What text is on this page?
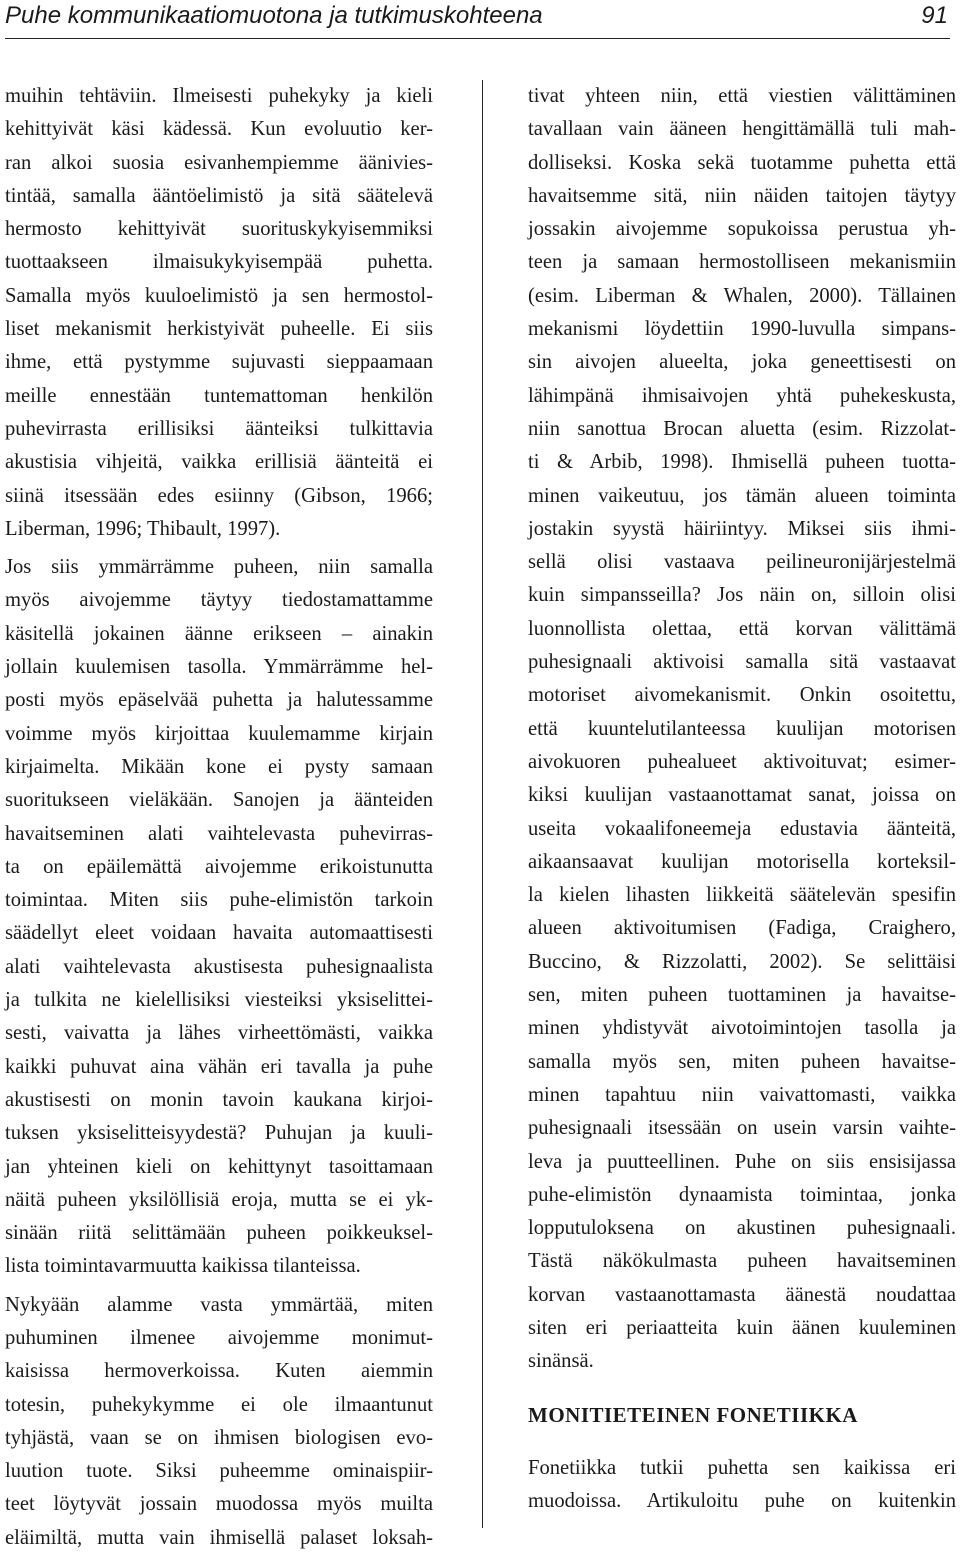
Puhe kommunikaatiomuotona ja tutkimuskohteena	91
muihin tehtäviin. Ilmeisesti puhekyky ja kieli
kehittyivät käsi kädessä. Kun evoluutio ker-
ran alkoi suosia esivanhempiemme äänivies-
tintää, samalla ääntöelimistö ja sitä säätelevä
hermosto kehittyivät suorituskykyisemmiksi
tuottaakseen ilmaisukykyisempää puhetta.
Samalla myös kuuloelimistö ja sen hermostol-
liset mekanismit herkistyivät puheelle. Ei siis
ihme, että pystymme sujuvasti sieppaamaan
meille ennestään tuntemattoman henkilön
puhevirrasta erillisiksi äänteiksi tulkittavia
akustisia vihjeitä, vaikka erillisiä äänteitä ei
siinä itsessään edes esiinny (Gibson, 1966;
Liberman, 1996; Thibault, 1997).
Jos siis ymmärrämme puheen, niin samalla
myös aivojemme täytyy tiedostamattamme
käsitellä jokainen äänne erikseen – ainakin
jollain kuulemisen tasolla. Ymmärrämme hel-
posti myös epäselvää puhetta ja halutessamme
voimme myös kirjoittaa kuulemamme kirjain
kirjaimelta. Mikään kone ei pysty samaan
suoritukseen vieläkään. Sanojen ja äänteiden
havaitseminen alati vaihtelevasta puhevirras-
ta on epäilemättä aivojemme erikoistunutta
toimintaa. Miten siis puhe-elimistön tarkoin
säädellyt eleet voidaan havaita automaattisesti
alati vaihtelevasta akustisesta puhesignaalista
ja tulkita ne kielellisiksi viesteiksi yksiselittei-
sesti, vaivatta ja lähes virheettömästi, vaikka
kaikki puhuvat aina vähän eri tavalla ja puhe
akustisesti on monin tavoin kaukana kirjoi-
tuksen yksiselitteisyydestä? Puhujan ja kuuli-
jan yhteinen kieli on kehittynyt tasoittamaan
näitä puheen yksilöllisiä eroja, mutta se ei yk-
sinään riitä selittämään puheen poikkeuksel-
lista toimintavarmuutta kaikissa tilanteissa.
Nykyään alamme vasta ymmärtää, miten
puhuminen ilmenee aivojemme monimut-
kaisissa hermoverkoissa. Kuten aiemmin
totesin, puhekykymme ei ole ilmaantunut
tyhjästä, vaan se on ihmisen biologisen evo-
luution tuote. Siksi puheemme ominaispiir-
teet löytyvät jossain muodossa myös muilta
eläimiltä, mutta vain ihmisellä palaset loksah-
tivat yhteen niin, että viestien välittäminen
tavallaan vain ääneen hengittämällä tuli mah-
dolliseksi. Koska sekä tuotamme puhetta että
havaitsemme sitä, niin näiden taitojen täytyy
jossakin aivojemme sopukoissa perustua yh-
teen ja samaan hermostolliseen mekanismiin
(esim. Liberman & Whalen, 2000). Tällainen
mekanismi löydettiin 1990-luvulla simpans-
sin aivojen alueelta, joka geneettisesti on
lähimpänä ihmisaivojen yhtä puhekeskusta,
niin sanottua Brocan aluetta (esim. Rizzolat-
ti & Arbib, 1998). Ihmisellä puheen tuotta-
minen vaikeutuu, jos tämän alueen toiminta
jostakin syystä häiriintyy. Miksei siis ihmi-
sellä olisi vastaava peilineuronijärjestelmä
kuin simpansseilla? Jos näin on, silloin olisi
luonnollista olettaa, että korvan välittämä
puhesignaali aktivoisi samalla sitä vastaavat
motoriset aivomekanismit. Onkin osoitettu,
että kuuntelutilanteessa kuulijan motorisen
aivokuoren puhealueet aktivoituvat; esimer-
kiksi kuulijan vastaanottamat sanat, joissa on
useita vokaalifoneemeja edustavia äänteitä,
aikaansaavat kuulijan motorisella korteksil-
la kielen lihasten liikkeitä säätelevän spesifin
alueen aktivoitumisen (Fadiga, Craighero,
Buccino, & Rizzolatti, 2002). Se selittäisi
sen, miten puheen tuottaminen ja havaitse-
minen yhdistyvät aivotoimintojen tasolla ja
samalla myös sen, miten puheen havaitse-
minen tapahtuu niin vaivattomasti, vaikka
puhesignaali itsessään on usein varsin vaihte-
leva ja puutteellinen. Puhe on siis ensisijassa
puhe-elimistön dynaamista toimintaa, jonka
lopputuloksena on akustinen puhesignaali.
Tästä näkökulmasta puheen havaitseminen
korvan vastaanottamasta äänestä noudattaa
siten eri periaatteita kuin äänen kuuleminen
sinänsä.
MONITIETEINEN FONETIIKKA
Fonetiikka tutkii puhetta sen kaikissa eri
muodoissa. Artikuloitu puhe on kuitenkin
